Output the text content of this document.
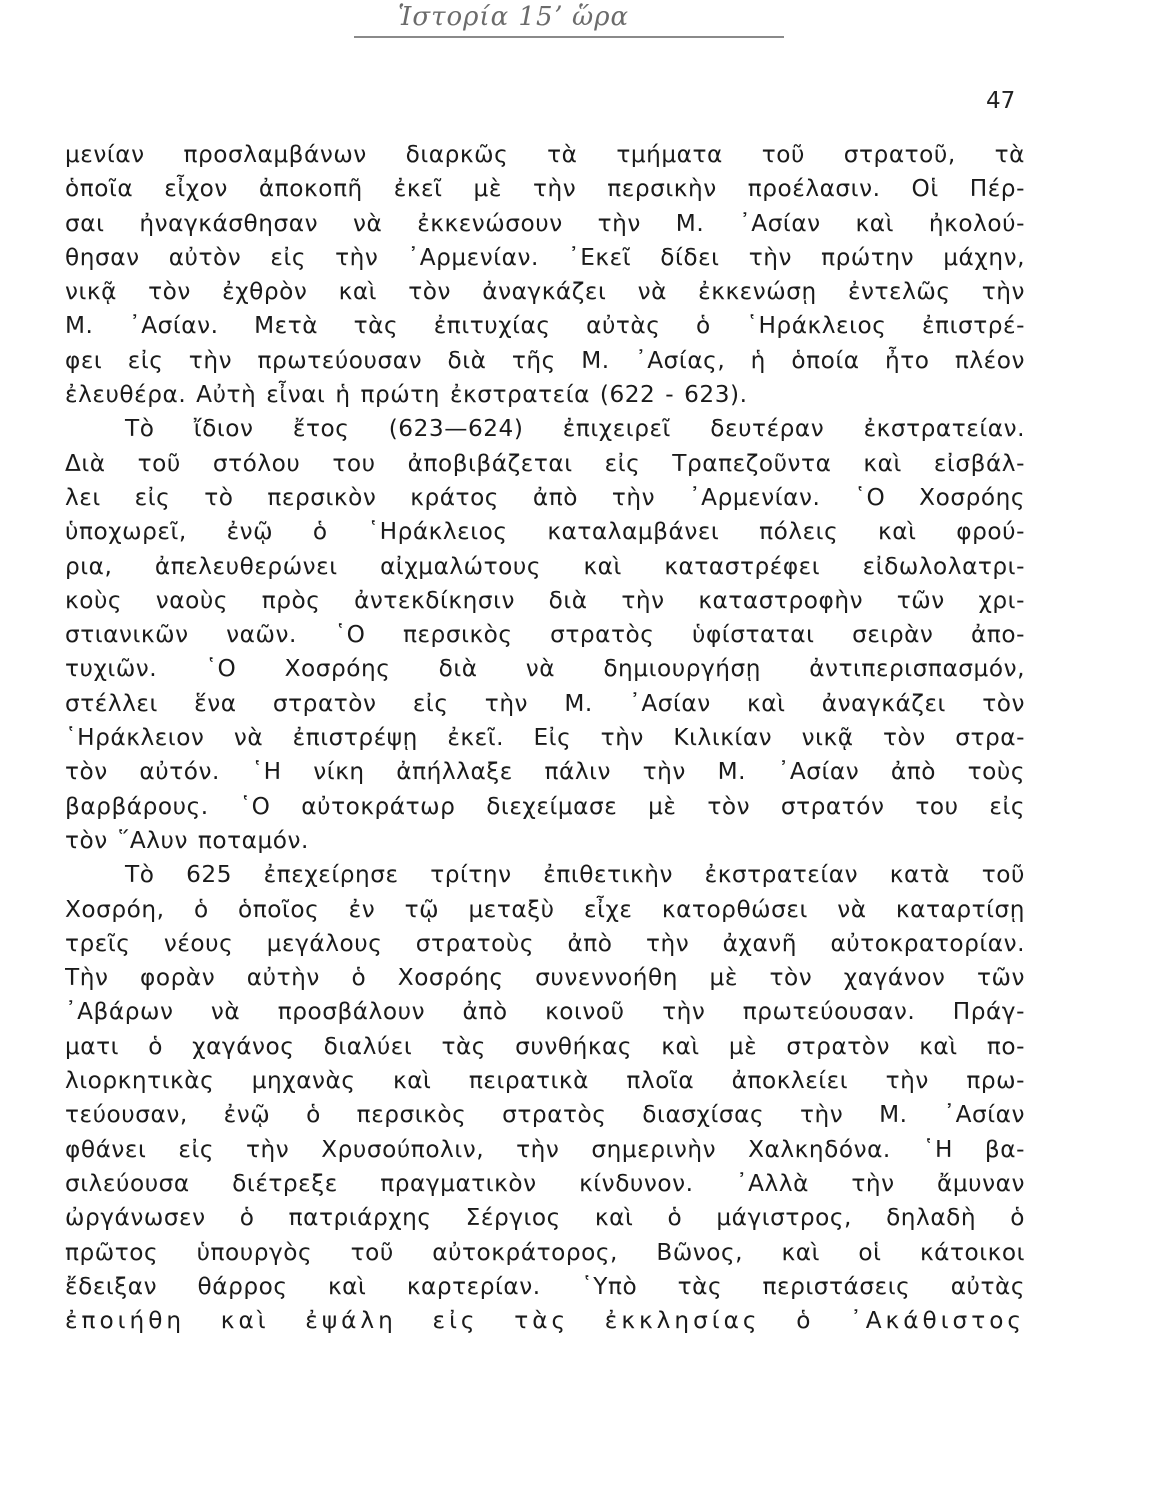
Ἱστορία 15ʼ ὥρα
47
μενίαν προσλαμβάνων διαρκῶς τὰ τμήματα τοῦ στρατοῦ, τὰ
ὁποῖα εἶχον ἀποκοπῆ ἐκεῖ μὲ τὴν περσικὴν προέλασιν. Οἱ Πέρ-
σαι ἠναγκάσθησαν νὰ ἐκκενώσουν τὴν Μ. ᾿Ασίαν καὶ ἠκολού-
θησαν αὐτὸν εἰς τὴν ᾿Αρμενίαν. ᾿Εκεῖ δίδει τὴν πρώτην μάχην,
νικᾷ τὸν ἐχθρὸν καὶ τὸν ἀναγκάζει νὰ ἐκκενώσῃ ἐντελῶς τὴν
Μ. ᾿Ασίαν. Μετὰ τὰς ἐπιτυχίας αὐτὰς ὁ ῾Ηράκλειος ἐπιστρέ-
φει εἰς τὴν πρωτεύουσαν διὰ τῆς Μ. ᾿Ασίας, ἡ ὁποία ἦτο πλέον
ἐλευθέρα. Αὐτὴ εἶναι ἡ πρώτη ἐκστρατεία (622 - 623).
Τὸ ἴδιον ἔτος (623—624) ἐπιχειρεῖ δευτέραν ἐκστρατείαν.
Διὰ τοῦ στόλου του ἀποβιβάζεται εἰς Τραπεζοῦντα καὶ εἰσβάλ-
λει εἰς τὸ περσικὸν κράτος ἀπὸ τὴν ᾿Αρμενίαν. ῾Ο Χοσρόης
ὑποχωρεῖ, ἐνῷ ὁ ῾Ηράκλειος καταλαμβάνει πόλεις καὶ φρού-
ρια, ἀπελευθερώνει αἰχμαλώτους καὶ καταστρέφει εἰδωλολατρι-
κοὺς ναοὺς πρὸς ἀντεκδίκησιν διὰ τὴν καταστροφὴν τῶν χρι-
στιανικῶν ναῶν. ῾Ο περσικὸς στρατὸς ὑφίσταται σειρὰν ἀπο-
τυχιῶν. ῾Ο Χοσρόης διὰ νὰ δημιουργήσῃ ἀντιπερισπασμόν,
στέλλει ἕνα στρατὸν εἰς τὴν Μ. ᾿Ασίαν καὶ ἀναγκάζει τὸν
῾Ηράκλειον νὰ ἐπιστρέψῃ ἐκεῖ. Εἰς τὴν Κιλικίαν νικᾷ τὸν στρα-
τὸν αὐτόν. ῾Η νίκη ἀπήλλαξε πάλιν τὴν Μ. ᾿Ασίαν ἀπὸ τοὺς
βαρβάρους. ῾Ο αὐτοκράτωρ διεχείμασε μὲ τὸν στρατόν του εἰς
τὸν ῞Αλυν ποταμόν.
Τὸ 625 ἐπεχείρησε τρίτην ἐπιθετικὴν ἐκστρατείαν κατὰ τοῦ
Χοσρόη, ὁ ὁποῖος ἐν τῷ μεταξὺ εἶχε κατορθώσει νὰ καταρτίσῃ
τρεῖς νέους μεγάλους στρατοὺς ἀπὸ τὴν ἀχανῆ αὐτοκρατορίαν.
Τὴν φορὰν αὐτὴν ὁ Χοσρόης συνεννοήθη μὲ τὸν χαγάνον τῶν
᾿Αβάρων νὰ προσβάλουν ἀπὸ κοινοῦ τὴν πρωτεύουσαν. Πράγ-
ματι ὁ χαγάνος διαλύει τὰς συνθήκας καὶ μὲ στρατὸν καὶ πο-
λιορκητικὰς μηχανὰς καὶ πειρατικὰ πλοῖα ἀποκλείει τὴν πρω-
τεύουσαν, ἐνῷ ὁ περσικὸς στρατὸς διασχίσας τὴν Μ. ᾿Ασίαν
φθάνει εἰς τὴν Χρυσούπολιν, τὴν σημερινὴν Χαλκηδόνα. ῾Η βα-
σιλεύουσα διέτρεξε πραγματικὸν κίνδυνον. ᾿Αλλὰ τὴν ἄμυναν
ὠργάνωσεν ὁ πατριάρχης Σέργιος καὶ ὁ μάγιστρος, δηλαδὴ ὁ
πρῶτος ὑπουργὸς τοῦ αὐτοκράτορος, Βῶνος, καὶ οἱ κάτοικοι
ἔδειξαν θάρρος καὶ καρτερίαν. ῾Υπὸ τὰς περιστάσεις αὐτὰς
ἐποιήθη καὶ ἐψάλη εἰς τὰς ἐκκλησίας ὁ ᾿Ακάθιστος
